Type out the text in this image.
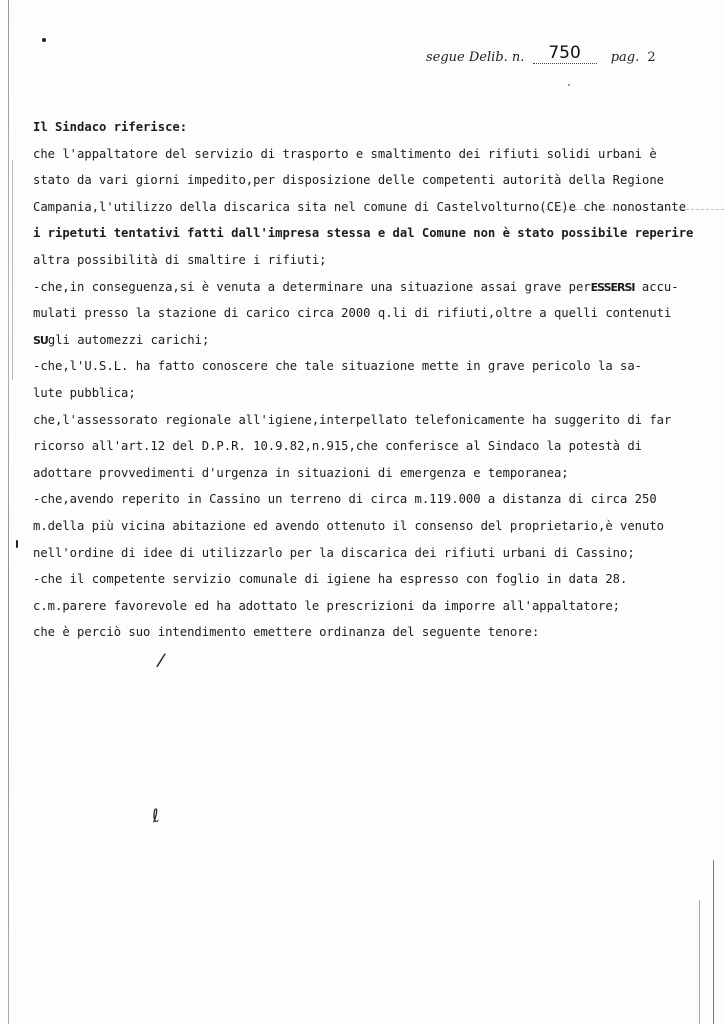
/
ℓ
segue Delib. n. 750 pag. 2
Il Sindaco riferisce:
che l'appaltatore del servizio di trasporto e smaltimento dei rifiuti solidi urbani è
stato da vari giorni impedito,per disposizione delle competenti autorità della Regione
Campania,l'utilizzo della discarica sita nel comune di Castelvolturno(CE)e che nonostante
i ripetuti tentativi fatti dall'impresa stessa e dal Comune non è stato possibile reperire
altra possibilità di smaltire i rifiuti;
-che,in conseguenza,si è venuta a determinare una situazione assai grave perESSERSI accu-
mulati presso la stazione di carico circa 2000 q.li di rifiuti,oltre a quelli contenuti
SUgli automezzi carichi;
-che,l'U.S.L. ha fatto conoscere che tale situazione mette in grave pericolo la sa-
lute pubblica;
che,l'assessorato regionale all'igiene,interpellato telefonicamente ha suggerito di far
ricorso all'art.12 del D.P.R. 10.9.82,n.915,che conferisce al Sindaco la potestà di
adottare provvedimenti d'urgenza in situazioni di emergenza e temporanea;
-che,avendo reperito in Cassino un terreno di circa m.119.000 a distanza di circa 250
m.della più vicina abitazione ed avendo ottenuto il consenso del proprietario,è venuto
nell'ordine di idee di utilizzarlo per la discarica dei rifiuti urbani di Cassino;
-che il competente servizio comunale di igiene ha espresso con foglio in data 28.
c.m.parere favorevole ed ha adottato le prescrizioni da imporre all'appaltatore;
che è perciò suo intendimento emettere ordinanza del seguente tenore:
